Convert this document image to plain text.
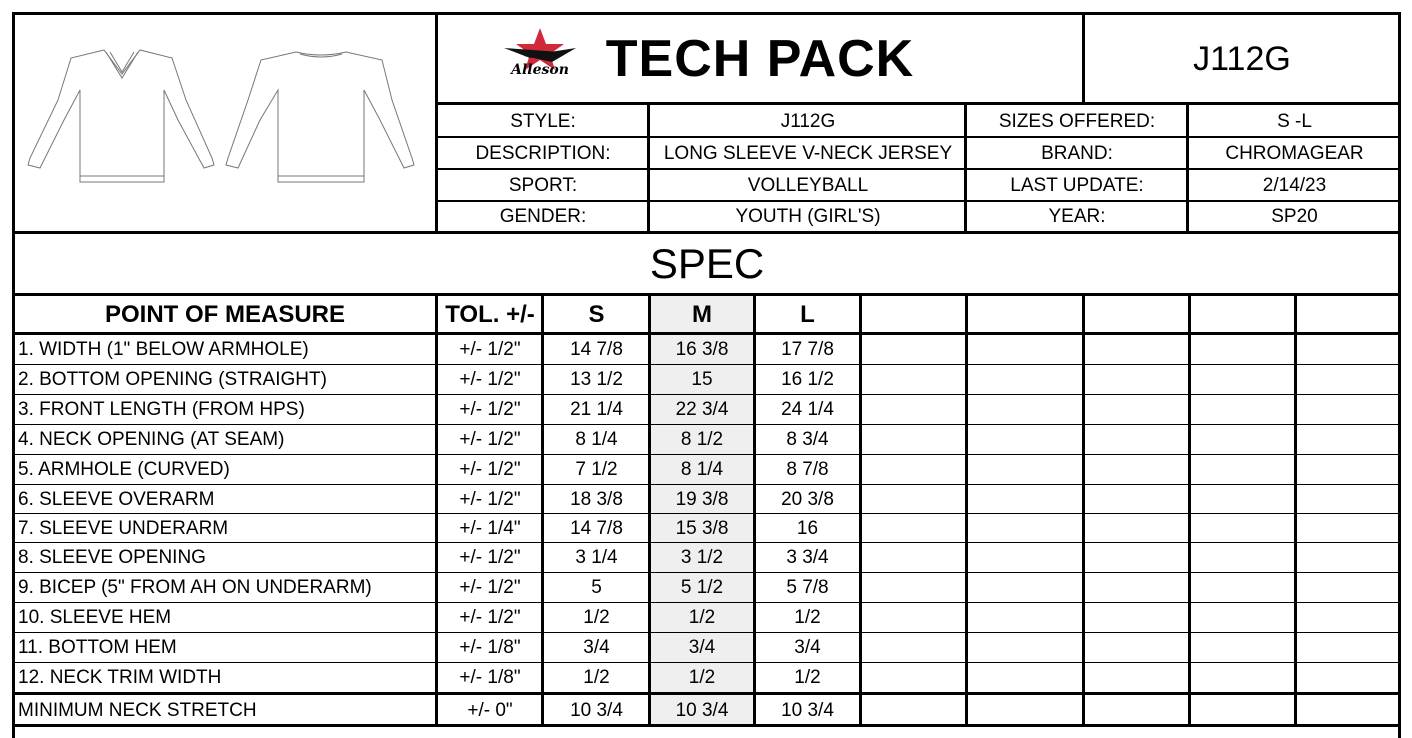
Alleson TECH PACK	J112G
STYLE:	J112G	SIZES OFFERED:	S -L
DESCRIPTION:	LONG SLEEVE V-NECK JERSEY	BRAND:	CHROMAGEAR
SPORT:	VOLLEYBALL	LAST UPDATE:	2/14/23
GENDER:	YOUTH (GIRL'S)	YEAR:	SP20
SPEC
POINT OF MEASURE	TOL. +/-	S	M	L
1. WIDTH (1" BELOW ARMHOLE)	+/- 1/2"	14 7/8	16 3/8	17 7/8
2. BOTTOM OPENING (STRAIGHT)	+/- 1/2"	13 1/2	15	16 1/2
3. FRONT LENGTH (FROM HPS)	+/- 1/2"	21 1/4	22 3/4	24 1/4
4. NECK OPENING (AT SEAM)	+/- 1/2"	8 1/4	8 1/2	8 3/4
5. ARMHOLE (CURVED)	+/- 1/2"	7 1/2	8 1/4	8 7/8
6. SLEEVE OVERARM	+/- 1/2"	18 3/8	19 3/8	20 3/8
7. SLEEVE UNDERARM	+/- 1/4"	14 7/8	15 3/8	16
8. SLEEVE OPENING	+/- 1/2"	3 1/4	3 1/2	3 3/4
9. BICEP (5" FROM AH ON UNDERARM)	+/- 1/2"	5	5 1/2	5 7/8
10. SLEEVE HEM	+/- 1/2"	1/2	1/2	1/2
11. BOTTOM HEM	+/- 1/8"	3/4	3/4	3/4
12. NECK TRIM WIDTH	+/- 1/8"	1/2	1/2	1/2
MINIMUM NECK STRETCH	+/- 0"	10 3/4	10 3/4	10 3/4
